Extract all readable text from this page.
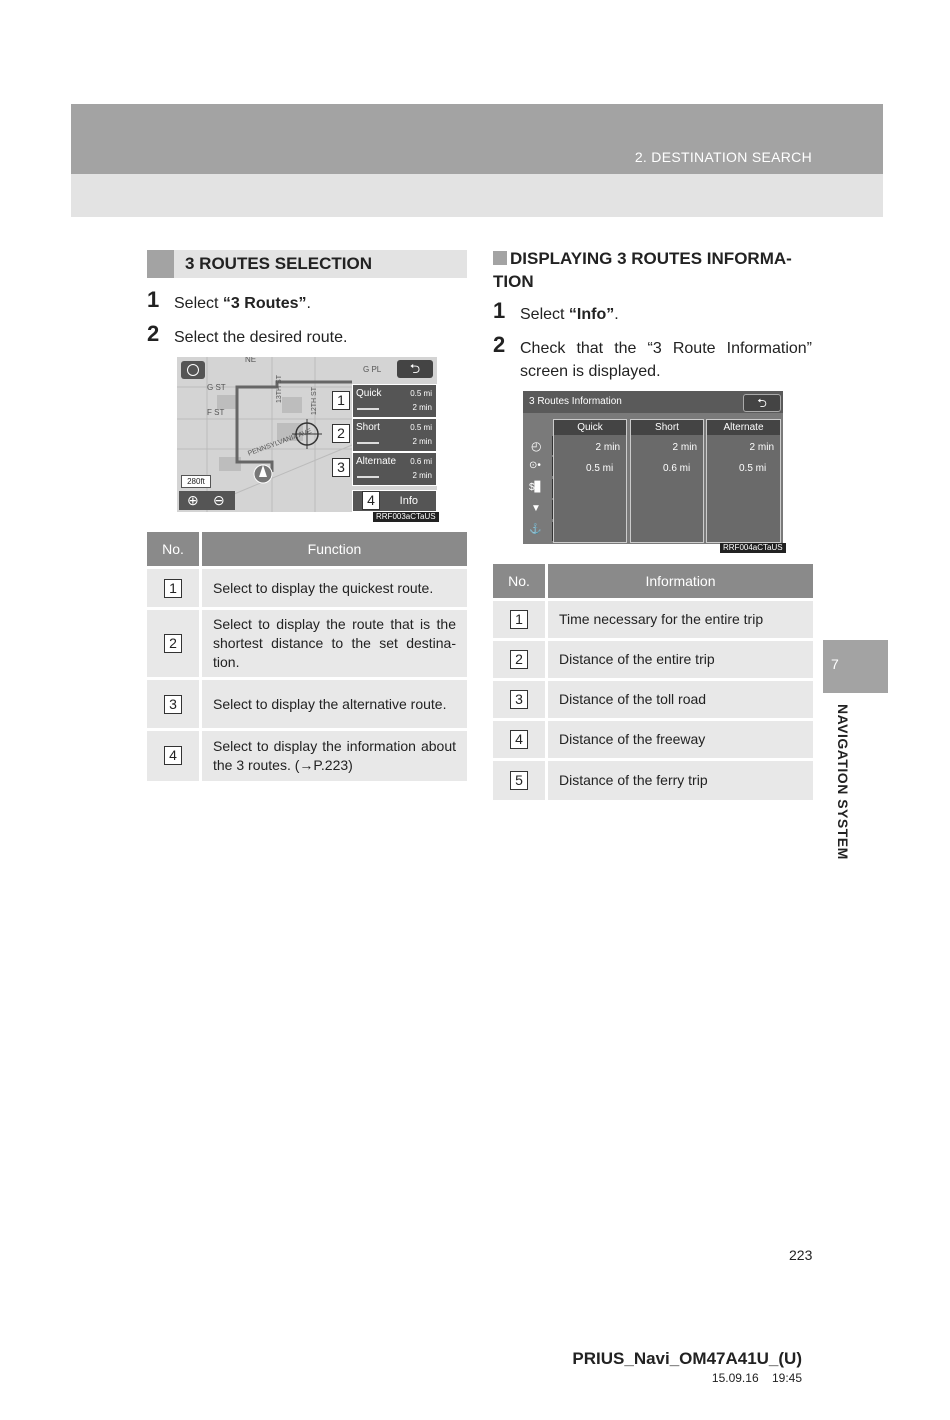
2. DESTINATION SEARCH
3 ROUTES SELECTION
1 Select “3 Routes”.
2 Select the desired route.
G ST
F ST
13TH ST	12TH ST
PENNSYLVANIA AVE
G PL
NE
⮌
Quick	0.5 mi
2 min
Short	0.5 mi
2 min
Alternate 0.6 mi
2 min
Info
1
2
3
4
280ft
⊕ ⊖
RRF003aCTaUS
No.	Function
1	Select to display the quickest route.
2	Select to display the route that is the shortest distance to the set destina-tion.
3	Select to display the alternative route.
4	Select to display the information about the 3 routes. (→P.223)
DISPLAYING 3 ROUTES INFORMA-TION
1 Select “Info”.
2 Check that the “3 Route Information” screen is displayed.
3 Routes Information	⮌
◴
⊙•
$▊
▼
⚓
Quick
2 min
0.5 mi
Short
2 min
0.6 mi
Alternate
2 min
0.5 mi
RRF004aCTaUS
No.	Information
1	Time necessary for the entire trip
2	Distance of the entire trip
3	Distance of the toll road
4	Distance of the freeway
5	Distance of the ferry trip
7
NAVIGATION SYSTEM
223
PRIUS_Navi_OM47A41U_(U)
15.09.16 19:45
